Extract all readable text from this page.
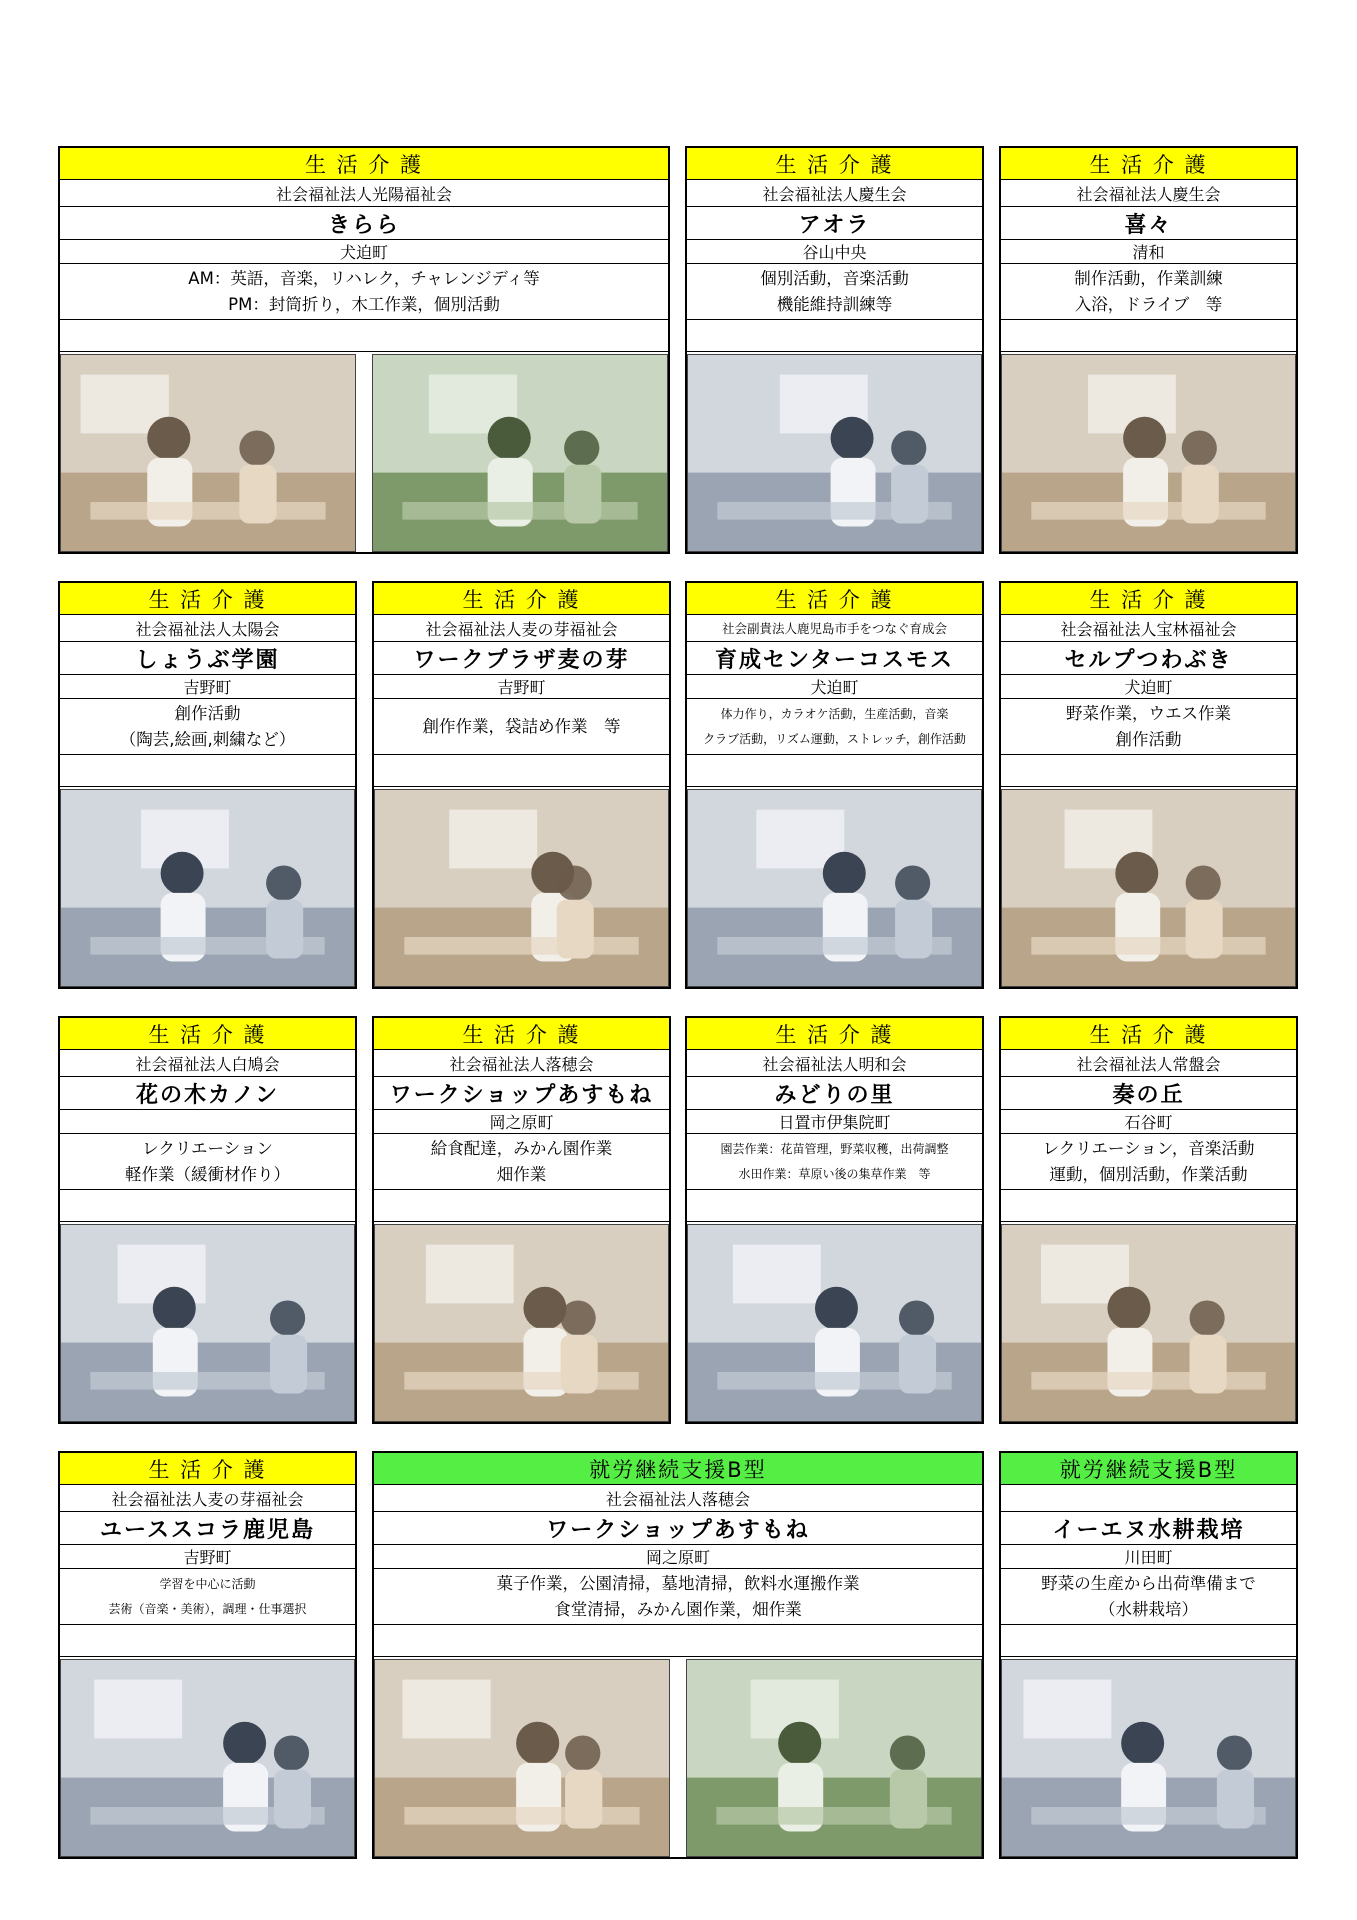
生 活 介 護
社会福祉法人光陽福祉会
きらら
犬迫町
AM：英語，音楽，リハレク，チャレンジディ等
PM：封筒折り，木工作業，個別活動
生 活 介 護
社会福祉法人慶生会
アオラ
谷山中央
個別活動，音楽活動
機能維持訓練等
生 活 介 護
社会福祉法人慶生会
喜々
清和
制作活動，作業訓練
入浴，ドライブ　等
生 活 介 護
社会福祉法人太陽会
しょうぶ学園
吉野町
創作活動
（陶芸,絵画,刺繍など）
生 活 介 護
社会福祉法人麦の芽福祉会
ワークプラザ麦の芽
吉野町
創作作業，袋詰め作業　等
生 活 介 護
社会副貴法人鹿児島市手をつなぐ育成会
育成センターコスモス
犬迫町
体力作り，カラオケ活動，生産活動，音楽
クラブ活動，リズム運動，ストレッチ，創作活動
生 活 介 護
社会福祉法人宝林福祉会
セルプつわぶき
犬迫町
野菜作業，ウエス作業
創作活動
生 活 介 護
社会福祉法人白鳩会
花の木カノン
レクリエーション
軽作業（緩衝材作り）
生 活 介 護
社会福祉法人落穂会
ワークショップあすもね
岡之原町
給食配達，みかん園作業
畑作業
生 活 介 護
社会福祉法人明和会
みどりの里
日置市伊集院町
園芸作業：花苗管理，野菜収穫，出荷調整
水田作業：草原い後の集草作業　等
生 活 介 護
社会福祉法人常盤会
奏の丘
石谷町
レクリエーション，音楽活動
運動，個別活動，作業活動
生 活 介 護
社会福祉法人麦の芽福祉会
ユーススコラ鹿児島
吉野町
学習を中心に活動
芸術（音楽・美術），調理・仕事選択
就労継続支援B型
社会福祉法人落穂会
ワークショップあすもね
岡之原町
菓子作業，公園清掃，墓地清掃，飲料水運搬作業
食堂清掃，みかん園作業，畑作業
就労継続支援B型
イーエヌ水耕栽培
川田町
野菜の生産から出荷準備まで
（水耕栽培）
